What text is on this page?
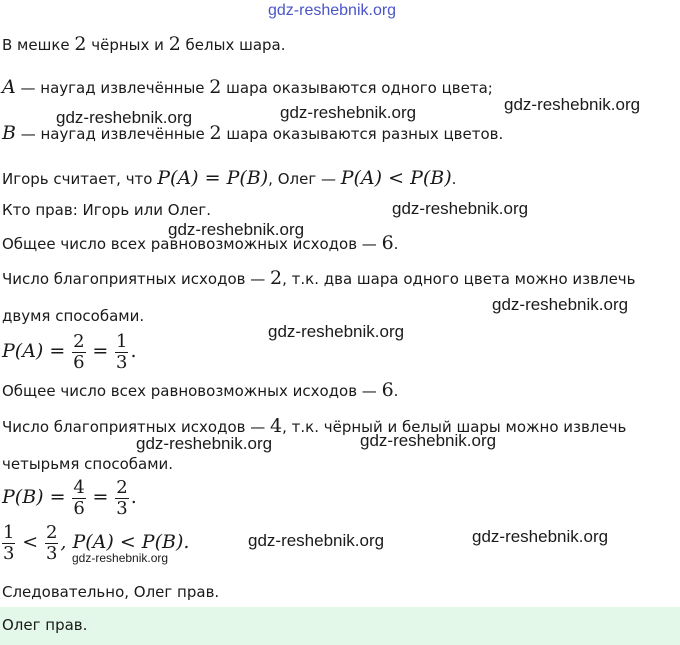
gdz-reshebnik.org
gdz-reshebnik.org	gdz-reshebnik.org	gdz-reshebnik.org
gdz-reshebnik.org
gdz-reshebnik.org
gdz-reshebnik.org
gdz-reshebnik.org
gdz-reshebnik.org	gdz-reshebnik.org
gdz-reshebnik.org	gdz-reshebnik.org
gdz-reshebnik.org
В мешке 2 чёрных и 2 белых шара.
A — наугад извлечённые 2 шара оказываются одного цвета;
B — наугад извлечённые 2 шара оказываются разных цветов.
Игорь считает, что P(A) = P(B), Олег — P(A) < P(B).
Кто прав: Игорь или Олег.
Общее число всех равновозможных исходов — 6.
Число благоприятных исходов — 2, т.к. два шара одного цвета можно извлечь
двумя способами.
$P(A) = \frac{2}{6} = \frac{1}{3}$ .
Общее число всех равновозможных исходов — 6.
Число благоприятных исходов — 4, т.к. чёрный и белый шары можно извлечь
четырьмя способами.
$P(B) = \frac{4}{6} = \frac{2}{3}$ .
$\frac{1}{3} < \frac{2}{3}$ , P(A) < P(B).
Следовательно, Олег прав.
Олег прав.
